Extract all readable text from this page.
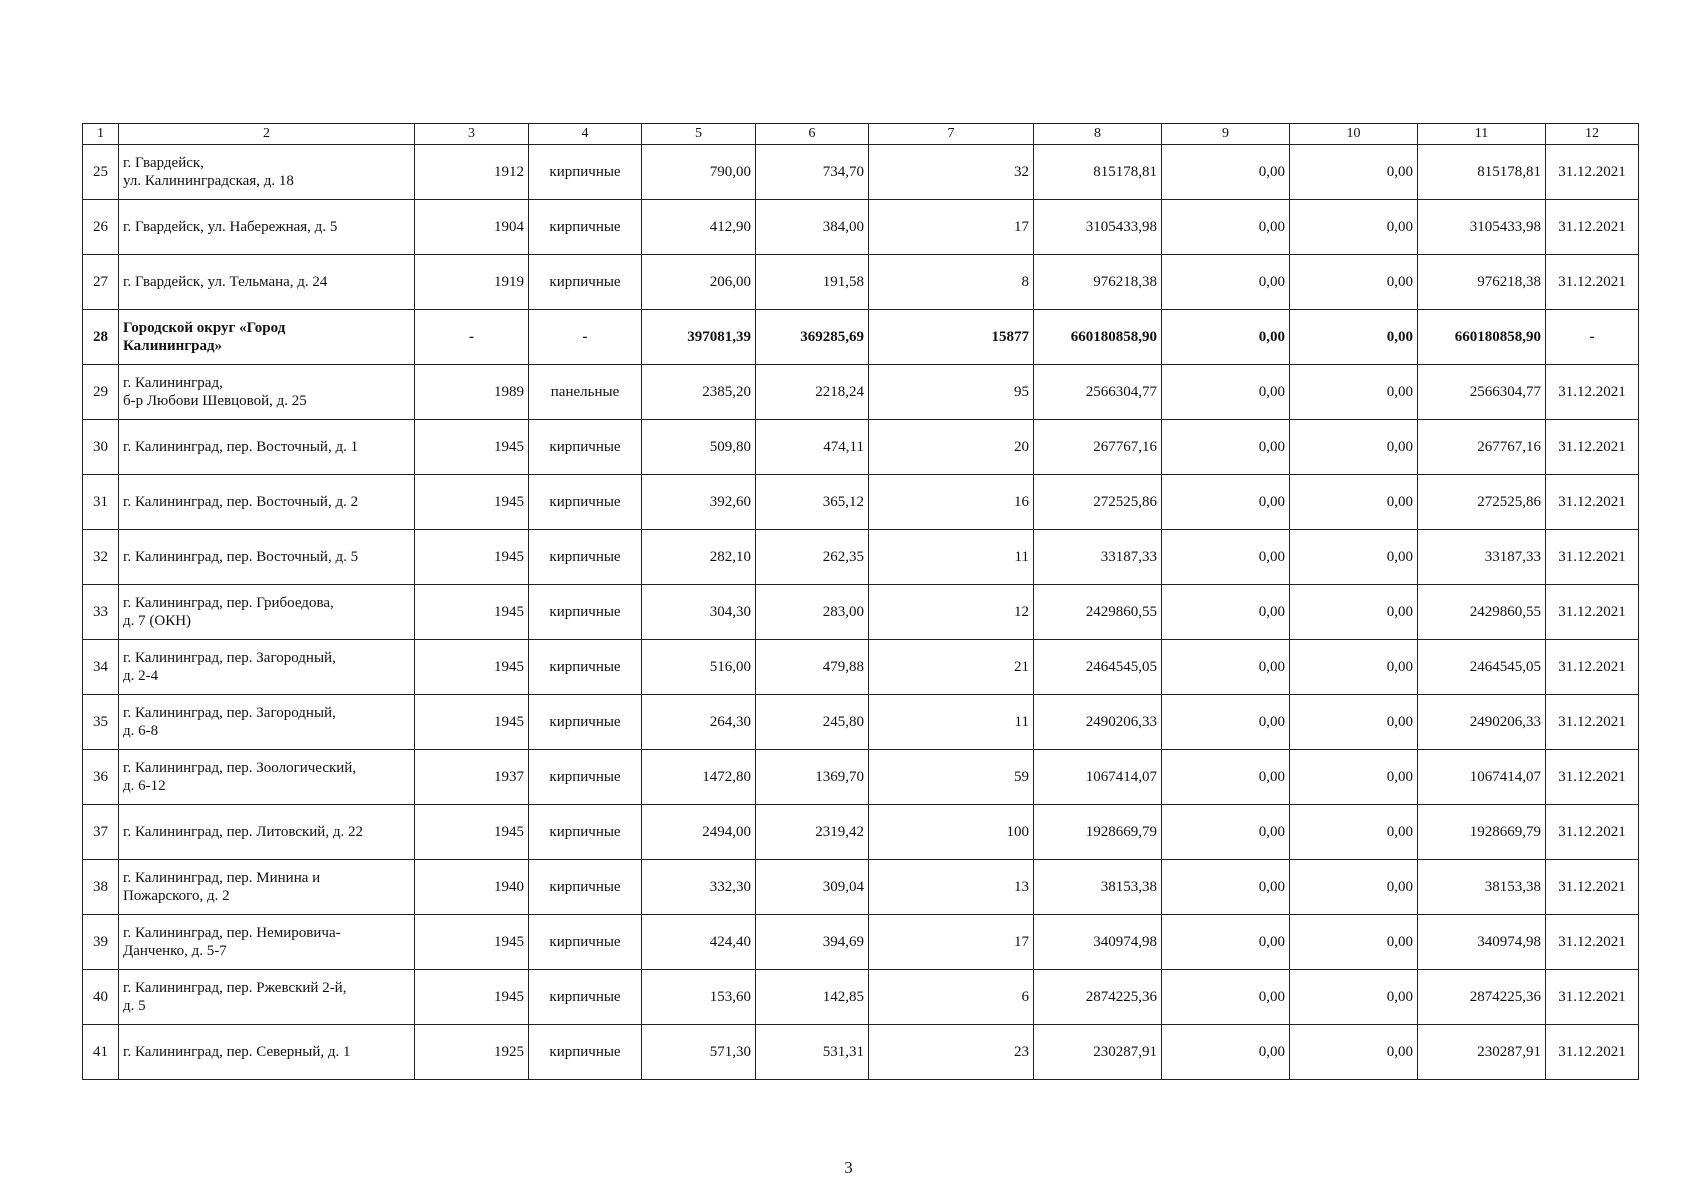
1	2	3	4	5	6	7	8	9	10	11	12
25	г. Гвардейск,
ул. Калининградская, д. 18	1912	кирпичные	790,00	734,70	32	815178,81	0,00	0,00	815178,81	31.12.2021
26	г. Гвардейск, ул. Набережная, д. 5	1904	кирпичные	412,90	384,00	17	3105433,98	0,00	0,00	3105433,98	31.12.2021
27	г. Гвардейск, ул. Тельмана, д. 24	1919	кирпичные	206,00	191,58	8	976218,38	0,00	0,00	976218,38	31.12.2021
28	Городской округ «Город
Калининград»	-	-	397081,39	369285,69	15877	660180858,90	0,00	0,00	660180858,90	-
29	г. Калининград,
б-р Любови Шевцовой, д. 25	1989	панельные	2385,20	2218,24	95	2566304,77	0,00	0,00	2566304,77	31.12.2021
30	г. Калининград, пер. Восточный, д. 1	1945	кирпичные	509,80	474,11	20	267767,16	0,00	0,00	267767,16	31.12.2021
31	г. Калининград, пер. Восточный, д. 2	1945	кирпичные	392,60	365,12	16	272525,86	0,00	0,00	272525,86	31.12.2021
32	г. Калининград, пер. Восточный, д. 5	1945	кирпичные	282,10	262,35	11	33187,33	0,00	0,00	33187,33	31.12.2021
33	г. Калининград, пер. Грибоедова,
д. 7 (ОКН)	1945	кирпичные	304,30	283,00	12	2429860,55	0,00	0,00	2429860,55	31.12.2021
34	г. Калининград, пер. Загородный,
д. 2-4	1945	кирпичные	516,00	479,88	21	2464545,05	0,00	0,00	2464545,05	31.12.2021
35	г. Калининград, пер. Загородный,
д. 6-8	1945	кирпичные	264,30	245,80	11	2490206,33	0,00	0,00	2490206,33	31.12.2021
36	г. Калининград, пер. Зоологический,
д. 6-12	1937	кирпичные	1472,80	1369,70	59	1067414,07	0,00	0,00	1067414,07	31.12.2021
37	г. Калининград, пер. Литовский, д. 22	1945	кирпичные	2494,00	2319,42	100	1928669,79	0,00	0,00	1928669,79	31.12.2021
38	г. Калининград, пер. Минина и
Пожарского, д. 2	1940	кирпичные	332,30	309,04	13	38153,38	0,00	0,00	38153,38	31.12.2021
39	г. Калининград, пер. Немировича-
Данченко, д. 5-7	1945	кирпичные	424,40	394,69	17	340974,98	0,00	0,00	340974,98	31.12.2021
40	г. Калининград, пер. Ржевский 2-й,
д. 5	1945	кирпичные	153,60	142,85	6	2874225,36	0,00	0,00	2874225,36	31.12.2021
41	г. Калининград, пер. Северный, д. 1	1925	кирпичные	571,30	531,31	23	230287,91	0,00	0,00	230287,91	31.12.2021
3
